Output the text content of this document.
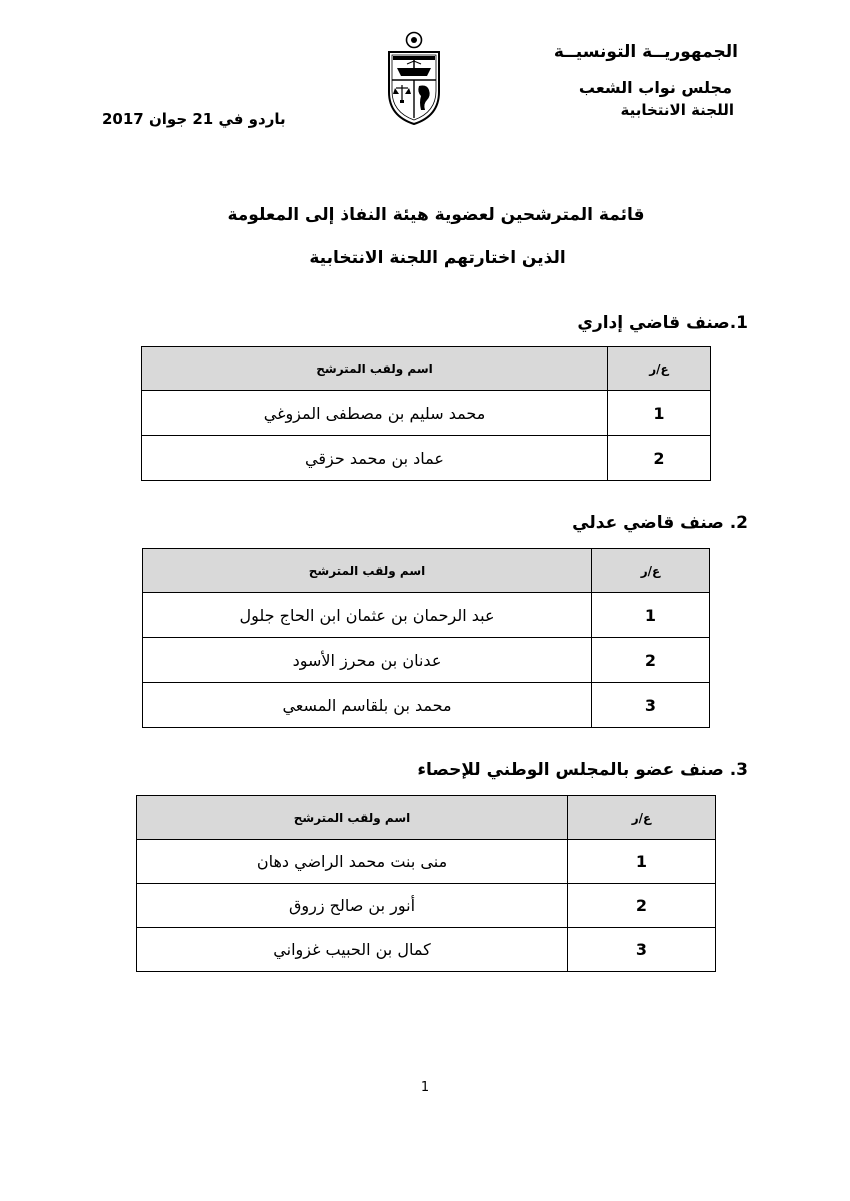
الجمهوريــة التونسيــة
مجلس نواب الشعب
اللجنة الانتخابية
باردو في 21 جوان 2017
قائمة المترشحين لعضوية هيئة النفاذ إلى المعلومة
الذين اختارتهم اللجنة الانتخابية
1.صنف قاضي إداري
ع/ر	اسم ولقب المترشح
1	محمد سليم بن مصطفى المزوغي
2	عماد بن محمد حزقي
2. صنف قاضي عدلي
ع/ر	اسم ولقب المترشح
1	عبد الرحمان بن عثمان ابن الحاج جلول
2	عدنان بن محرز الأسود
3	محمد بن بلقاسم المسعي
3. صنف عضو بالمجلس الوطني للإحصاء
ع/ر	اسم ولقب المترشح
1	منى بنت محمد الراضي دهان
2	أنور بن صالح زروق
3	كمال بن الحبيب غزواني
1
